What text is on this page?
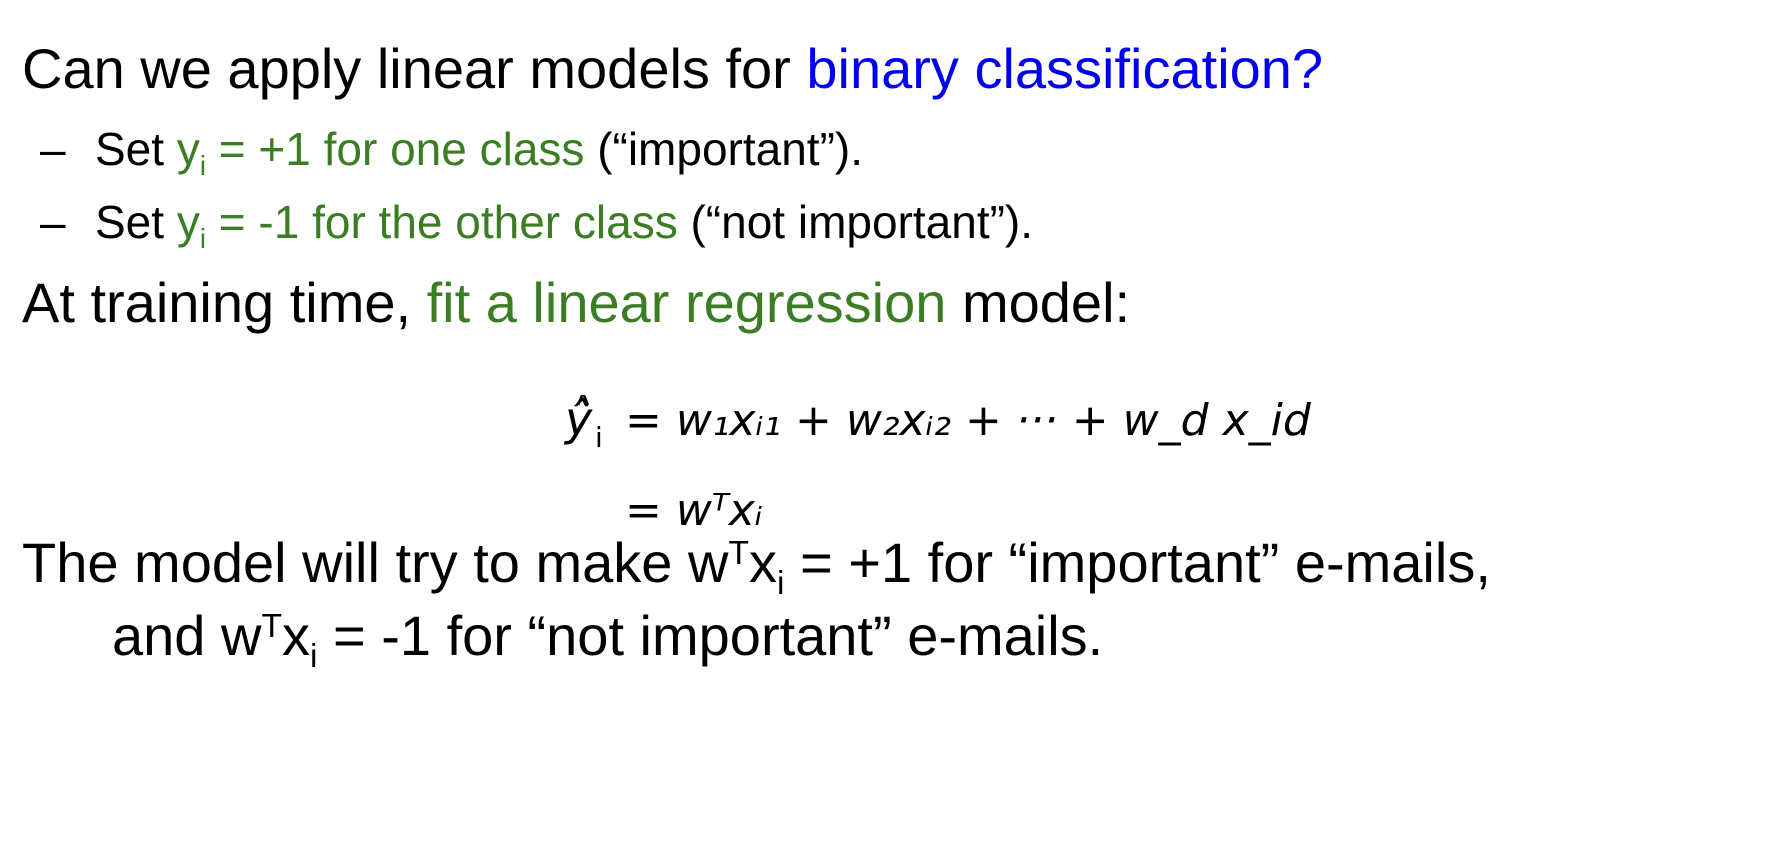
Can we apply linear models for binary classification?
– Set $y_i = +1$ for one class (“important”).
– Set $y_i = -1$ for the other class (“not important”).
At training time, fit a linear regression model:
ŷ i = w₁xᵢ₁ + w₂xᵢ₂ + ··· + w_d x_id
= wᵀxᵢ
The model will try to make $w^Tx_i = +1$ for “important” e-mails,
and $w^Tx_i = -1$ for “not important” e-mails.
